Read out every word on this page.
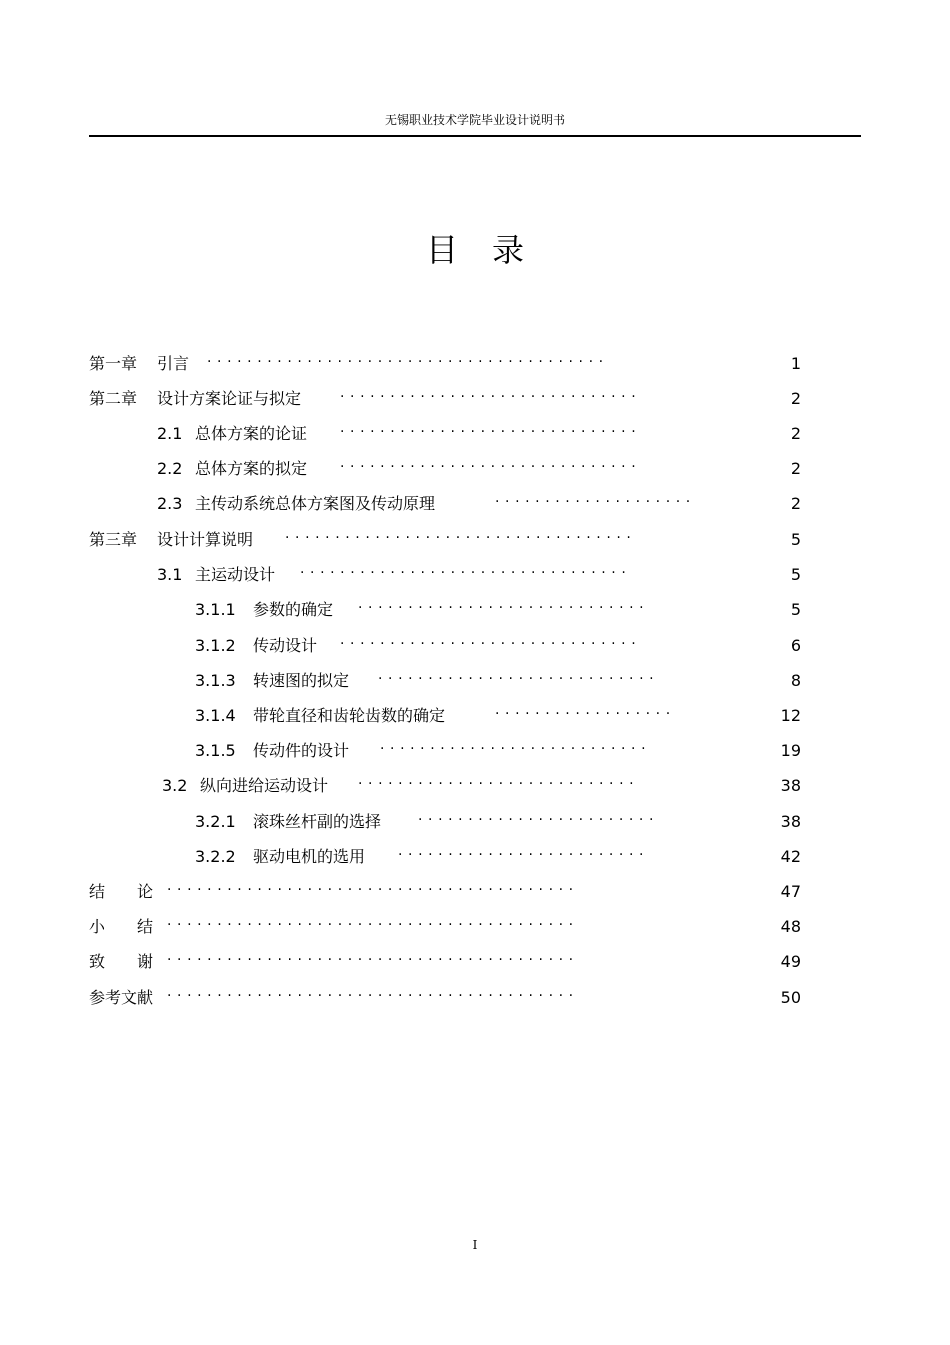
无锡职业技术学院毕业设计说明书
目录
第一章 引言 ·  ·  ·  ·  ·  ·  ·  ·  ·  ·  ·  ·  ·  ·  ·  ·  ·  ·  ·  ·  ·  ·  ·  ·  ·  ·  ·  ·  ·  ·  ·  ·  ·  ·  ·  ·  ·  ·  ·  ·  	1
第二章 设计方案论证与拟定	·  ·  ·  ·  ·  ·  ·  ·  ·  ·  ·  ·  ·  ·  ·  ·  ·  ·  ·  ·  ·  ·  ·  ·  ·  ·  ·  ·  ·  ·  	2
2.1 总体方案的论证 ·  ·  ·  ·  ·  ·  ·  ·  ·  ·  ·  ·  ·  ·  ·  ·  ·  ·  ·  ·  ·  ·  ·  ·  ·  ·  ·  ·  ·  ·  	2
2.2 总体方案的拟定 ·  ·  ·  ·  ·  ·  ·  ·  ·  ·  ·  ·  ·  ·  ·  ·  ·  ·  ·  ·  ·  ·  ·  ·  ·  ·  ·  ·  ·  ·  	2
2.3 主传动系统总体方案图及传动原理	·  ·  ·  ·  ·  ·  ·  ·  ·  ·  ·  ·  ·  ·  ·  ·  ·  ·  ·  ·  	2
第三章 设计计算说明 ·  ·  ·  ·  ·  ·  ·  ·  ·  ·  ·  ·  ·  ·  ·  ·  ·  ·  ·  ·  ·  ·  ·  ·  ·  ·  ·  ·  ·  ·  ·  ·  ·  ·  ·  	5
3.1 主运动设计 ·  ·  ·  ·  ·  ·  ·  ·  ·  ·  ·  ·  ·  ·  ·  ·  ·  ·  ·  ·  ·  ·  ·  ·  ·  ·  ·  ·  ·  ·  ·  ·  ·  	5
3.1.1 参数的确定 ·  ·  ·  ·  ·  ·  ·  ·  ·  ·  ·  ·  ·  ·  ·  ·  ·  ·  ·  ·  ·  ·  ·  ·  ·  ·  ·  ·  ·  	5
3.1.2 传动设计 ·  ·  ·  ·  ·  ·  ·  ·  ·  ·  ·  ·  ·  ·  ·  ·  ·  ·  ·  ·  ·  ·  ·  ·  ·  ·  ·  ·  ·  ·  	6
3.1.3 转速图的拟定 ·  ·  ·  ·  ·  ·  ·  ·  ·  ·  ·  ·  ·  ·  ·  ·  ·  ·  ·  ·  ·  ·  ·  ·  ·  ·  ·  ·  	8
3.1.4 带轮直径和齿轮齿数的确定	·  ·  ·  ·  ·  ·  ·  ·  ·  ·  ·  ·  ·  ·  ·  ·  ·  ·  	12
3.1.5 传动件的设计 ·  ·  ·  ·  ·  ·  ·  ·  ·  ·  ·  ·  ·  ·  ·  ·  ·  ·  ·  ·  ·  ·  ·  ·  ·  ·  ·  	19
3.2 纵向进给运动设计 ·  ·  ·  ·  ·  ·  ·  ·  ·  ·  ·  ·  ·  ·  ·  ·  ·  ·  ·  ·  ·  ·  ·  ·  ·  ·  ·  ·  	38
3.2.1 滚珠丝杆副的选择	·  ·  ·  ·  ·  ·  ·  ·  ·  ·  ·  ·  ·  ·  ·  ·  ·  ·  ·  ·  ·  ·  ·  ·  	38
3.2.2 驱动电机的选用 ·  ·  ·  ·  ·  ·  ·  ·  ·  ·  ·  ·  ·  ·  ·  ·  ·  ·  ·  ·  ·  ·  ·  ·  ·  	42
结　　论 ·  ·  ·  ·  ·  ·  ·  ·  ·  ·  ·  ·  ·  ·  ·  ·  ·  ·  ·  ·  ·  ·  ·  ·  ·  ·  ·  ·  ·  ·  ·  ·  ·  ·  ·  ·  ·  ·  ·  ·  ·  	47
小　　结 ·  ·  ·  ·  ·  ·  ·  ·  ·  ·  ·  ·  ·  ·  ·  ·  ·  ·  ·  ·  ·  ·  ·  ·  ·  ·  ·  ·  ·  ·  ·  ·  ·  ·  ·  ·  ·  ·  ·  ·  ·  	48
致　　谢 ·  ·  ·  ·  ·  ·  ·  ·  ·  ·  ·  ·  ·  ·  ·  ·  ·  ·  ·  ·  ·  ·  ·  ·  ·  ·  ·  ·  ·  ·  ·  ·  ·  ·  ·  ·  ·  ·  ·  ·  ·  	49
参考文献 ·  ·  ·  ·  ·  ·  ·  ·  ·  ·  ·  ·  ·  ·  ·  ·  ·  ·  ·  ·  ·  ·  ·  ·  ·  ·  ·  ·  ·  ·  ·  ·  ·  ·  ·  ·  ·  ·  ·  ·  ·  	50
I
